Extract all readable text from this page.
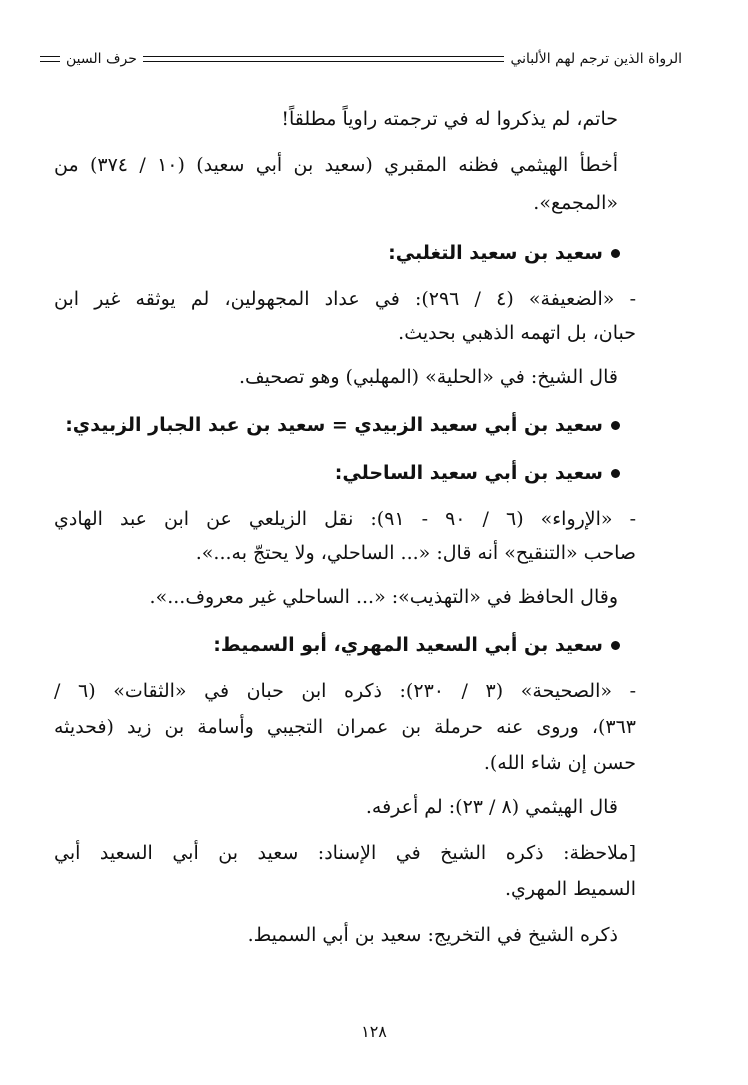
الرواة الذين ترجم لهم الألباني
حرف السين
حاتم، لم يذكروا له في ترجمته راوياً مطلقاً!
أخطأ الهيثمي فظنه المقبري (سعيد بن أبي سعيد) (١٠ / ٣٧٤) من
«المجمع».
سعيد بن سعيد التغلبي:
- «الضعيفة» (٤ / ٢٩٦): في عداد المجهولين، لم يوثقه غير ابن
حبان، بل اتهمه الذهبي بحديث.
قال الشيخ: في «الحلية» (المهلبي) وهو تصحيف.
سعيد بن أبي سعيد الزبيدي = سعيد بن عبد الجبار الزبيدي:
سعيد بن أبي سعيد الساحلي:
- «الإرواء» (٦ / ٩٠ - ٩١): نقل الزيلعي عن ابن عبد الهادي
صاحب «التنقيح» أنه قال: «... الساحلي، ولا يحتجّ به...».
وقال الحافظ في «التهذيب»: «... الساحلي غير معروف...».
سعيد بن أبي السعيد المهري، أبو السميط:
- «الصحيحة» (٣ / ٢٣٠): ذكره ابن حبان في «الثقات» (٦ /
٣٦٣)، وروى عنه حرملة بن عمران التجيبي وأسامة بن زيد (فحديثه
حسن إن شاء الله).
قال الهيثمي (٨ / ٢٣): لم أعرفه.
[ملاحظة: ذكره الشيخ في الإسناد: سعيد بن أبي السعيد أبي
السميط المهري.
ذكره الشيخ في التخريج: سعيد بن أبي السميط.
١٢٨
